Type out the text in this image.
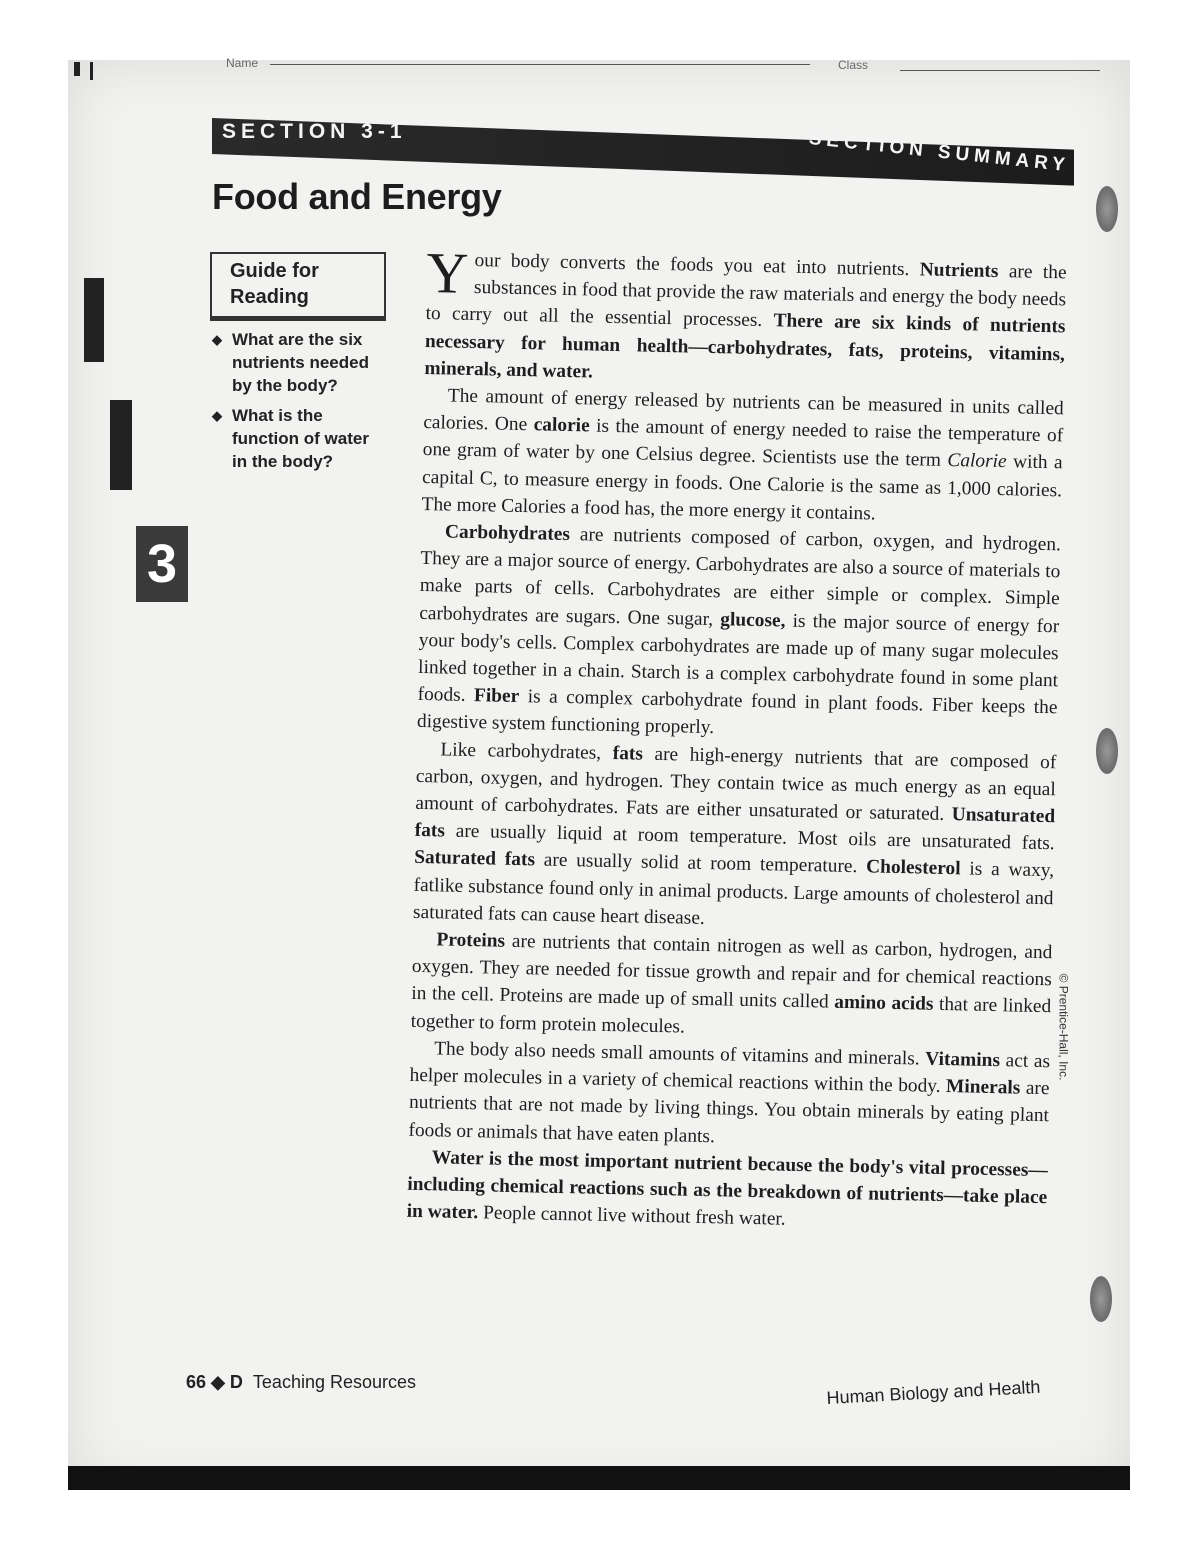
Name	Class
SECTION 3-1	SECTION SUMMARY
Food and Energy
Guide for Reading
◆ What are the six nutrients needed by the body?
◆ What is the function of water in the body?
3

Your body converts the foods you eat into nutrients. Nutrients are the substances in food that provide the raw materials and energy the body needs to carry out all the essential processes. There are six kinds of nutrients necessary for human health—carbohydrates, fats, proteins, vitamins, minerals, and water.

The amount of energy released by nutrients can be measured in units called calories. One calorie is the amount of energy needed to raise the temperature of one gram of water by one Celsius degree. Scientists use the term Calorie with a capital C, to measure energy in foods. One Calorie is the same as 1,000 calories. The more Calories a food has, the more energy it contains.

Carbohydrates are nutrients composed of carbon, oxygen, and hydrogen. They are a major source of energy. Carbohydrates are also a source of materials to make parts of cells. Carbohydrates are either simple or complex. Simple carbohydrates are sugars. One sugar, glucose, is the major source of energy for your body's cells. Complex carbohydrates are made up of many sugar molecules linked together in a chain. Starch is a complex carbohydrate found in some plant foods. Fiber is a complex carbohydrate found in plant foods. Fiber keeps the digestive system functioning properly.

Like carbohydrates, fats are high-energy nutrients that are composed of carbon, oxygen, and hydrogen. They contain twice as much energy as an equal amount of carbohydrates. Fats are either unsaturated or saturated. Unsaturated fats are usually liquid at room temperature. Most oils are unsaturated fats. Saturated fats are usually solid at room temperature. Cholesterol is a waxy, fatlike substance found only in animal products. Large amounts of cholesterol and saturated fats can cause heart disease.

Proteins are nutrients that contain nitrogen as well as carbon, hydrogen, and oxygen. They are needed for tissue growth and repair and for chemical reactions in the cell. Proteins are made up of small units called amino acids that are linked together to form protein molecules.

The body also needs small amounts of vitamins and minerals. Vitamins act as helper molecules in a variety of chemical reactions within the body. Minerals are nutrients that are not made by living things. You obtain minerals by eating plant foods or animals that have eaten plants.

Water is the most important nutrient because the body's vital processes—including chemical reactions such as the breakdown of nutrients—take place in water. People cannot live without fresh water.

© Prentice-Hall, Inc.
66 ◆ D Teaching Resources	Human Biology and Health
